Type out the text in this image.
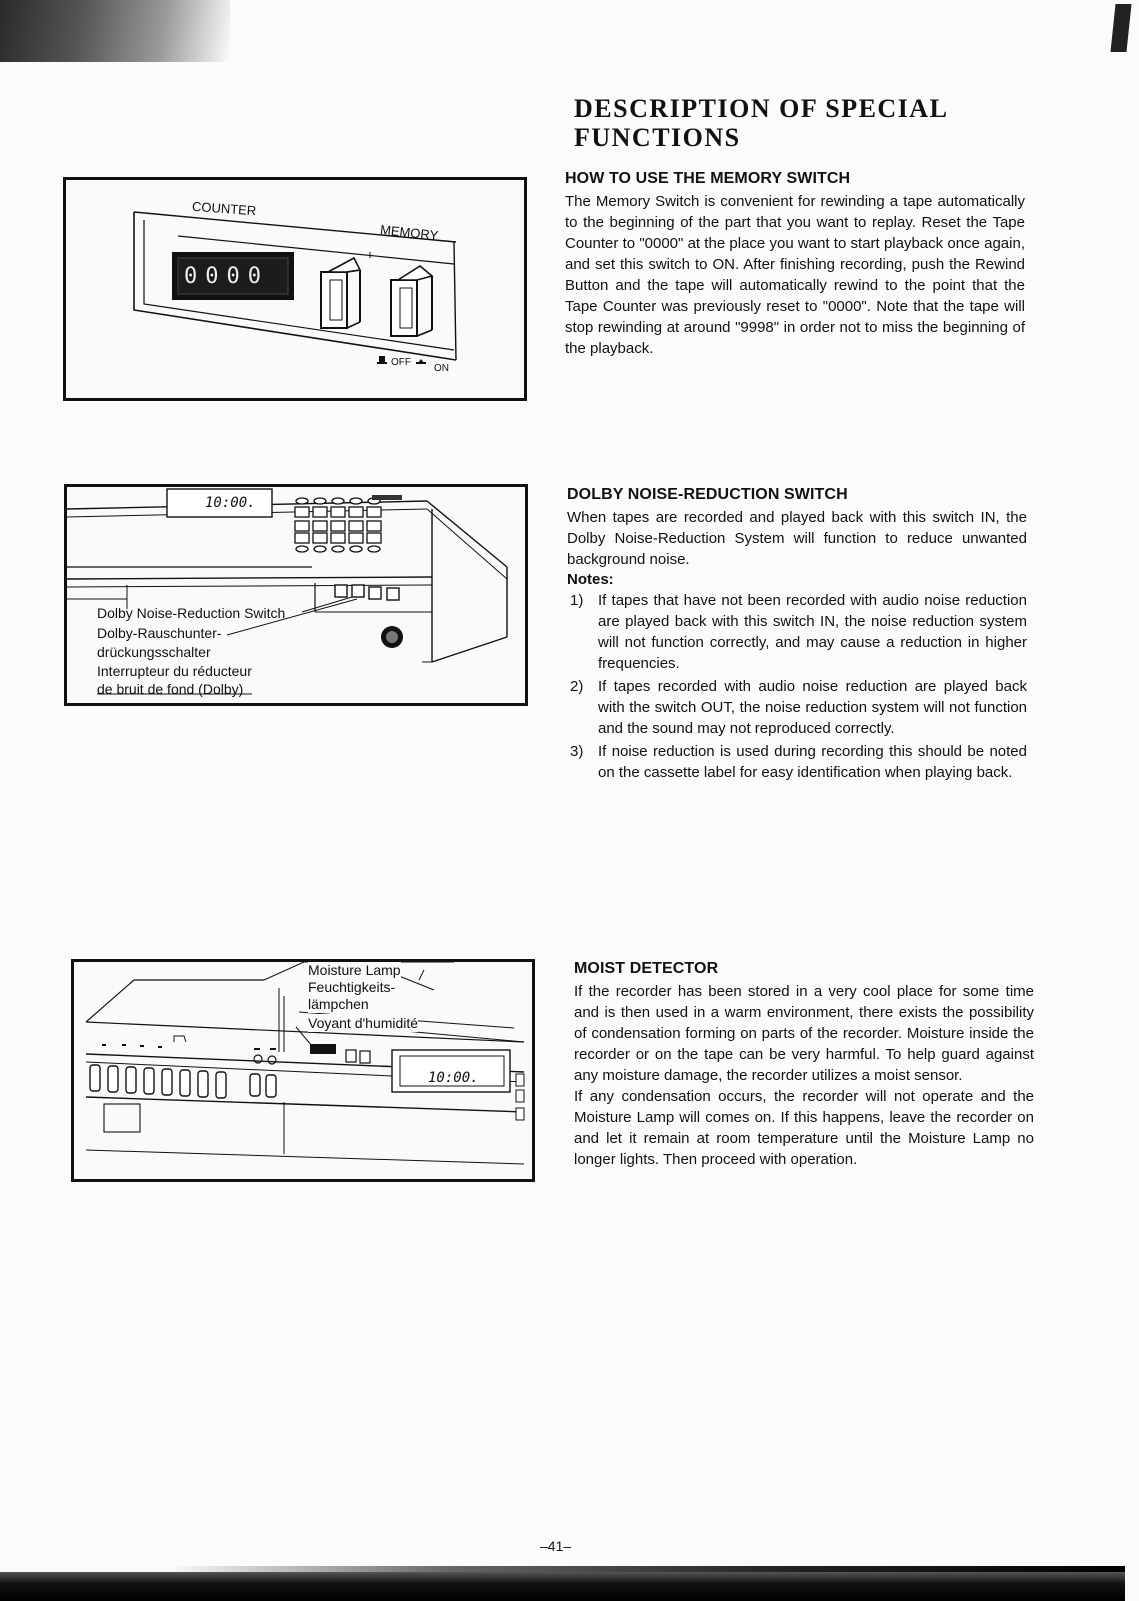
DESCRIPTION OF SPECIAL FUNCTIONS
COUNTER
MEMORY
0000
OFF
ON
HOW TO USE THE MEMORY SWITCH

The Memory Switch is convenient for rewinding a tape automatically to the beginning of the part that you want to replay. Reset the Tape Counter to "0000" at the place you want to start playback once again, and set this switch to ON. After finishing recording, push the Rewind Button and the tape will automatically rewind to the point that the Tape Counter was previously reset to "0000". Note that the tape will stop rewinding at around "9998" in order not to miss the beginning of the playback.

10:00.
Dolby Noise-Reduction Switch
Dolby-Rauschunter-
drückungsschalter
Interrupteur du réducteur
de bruit de fond (Dolby)
DOLBY NOISE-REDUCTION SWITCH

When tapes are recorded and played back with this switch IN, the Dolby Noise-Reduction System will function to reduce unwanted background noise.

Notes:

1) If tapes that have not been recorded with audio noise reduction are played back with this switch IN, the noise reduction system will not function correctly, and may cause a reduction in higher frequencies.
2) If tapes recorded with audio noise reduction are played back with the switch OUT, the noise reduction system will not function and the sound may not reproduced correctly.
3) If noise reduction is used during recording this should be noted on the cassette label for easy identification when playing back.
10:00.
Moisture Lamp
Feuchtigkeits-
lämpchen
Voyant d'humidité
MOIST DETECTOR

If the recorder has been stored in a very cool place for some time and is then used in a warm environment, there exists the possibility of condensation forming on parts of the recorder. Moisture inside the recorder or on the tape can be very harmful. To help guard against any moisture damage, the recorder utilizes a moist sensor.

If any condensation occurs, the recorder will not operate and the Moisture Lamp will comes on. If this happens, leave the recorder on and let it remain at room temperature until the Moisture Lamp no longer lights. Then proceed with operation.

–41–
